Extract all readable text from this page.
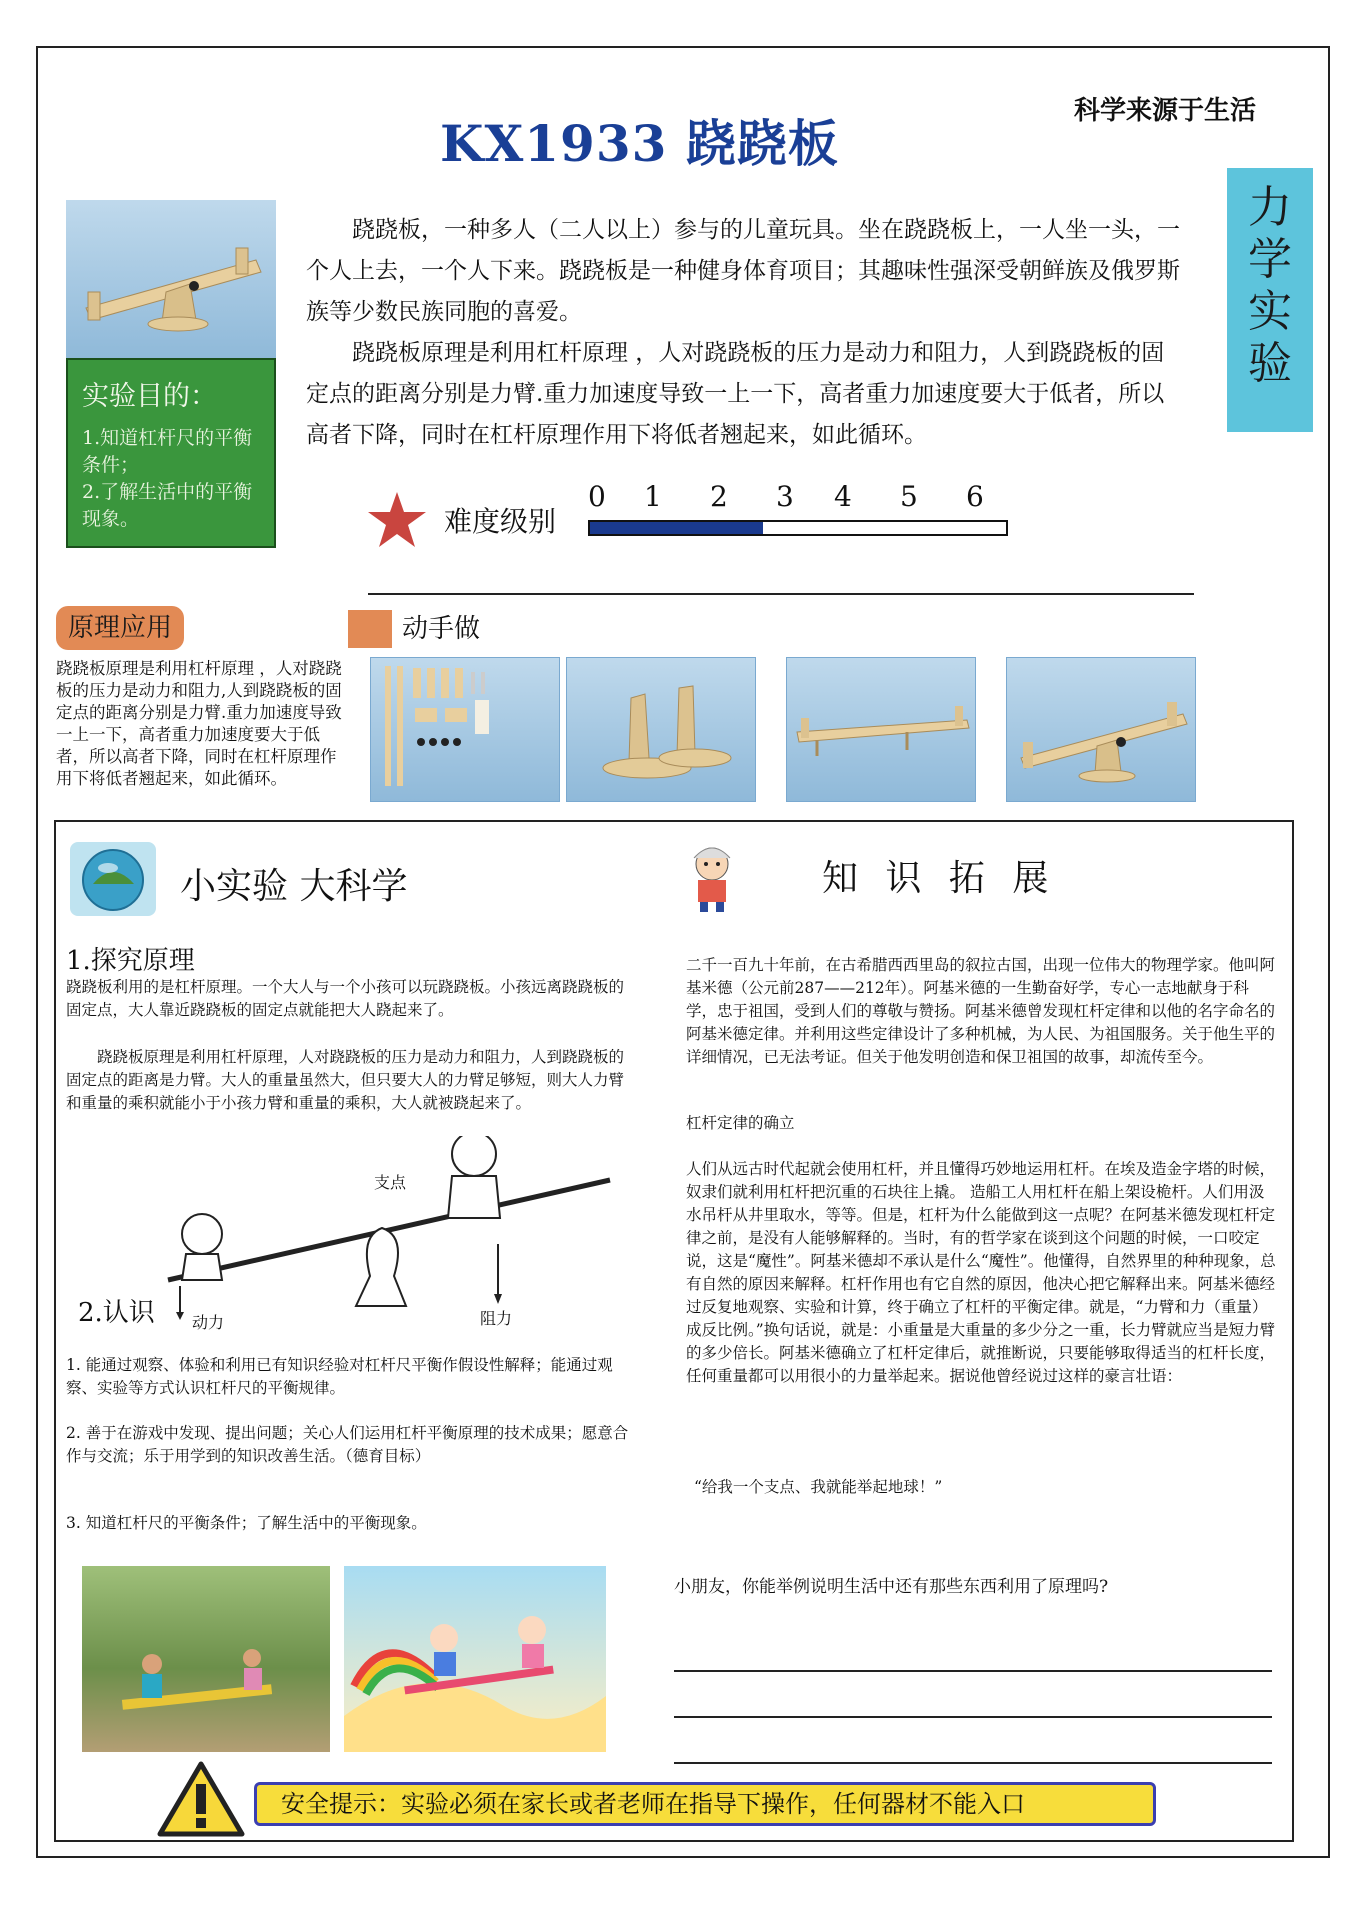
KX1933 跷跷板
科学来源于生活
力
学
实
验
实验目的：
1.知道杠杆尺的平衡条件；
2.了解生活中的平衡现象。

跷跷板，一种多人（二人以上）参与的儿童玩具。坐在跷跷板上，一人坐一头，一个人上去，一个人下来。跷跷板是一种健身体育项目；其趣味性强深受朝鲜族及俄罗斯族等少数民族同胞的喜爱。

跷跷板原理是利用杠杆原理 ，人对跷跷板的压力是动力和阻力，人到跷跷板的固定点的距离分别是力臂.重力加速度导致一上一下，高者重力加速度要大于低者，所以高者下降，同时在杠杆原理作用下将低者翘起来，如此循环。

难度级别
0 1 2 3 4 5 6
原理应用	动手做
跷跷板原理是利用杠杆原理 ，人对跷跷板的压力是动力和阻力,人到跷跷板的固定点的距离分别是力臂.重力加速度导致一上一下，高者重力加速度要大于低者，所以高者下降，同时在杠杆原理作用下将低者翘起来，如此循环。
小实验 大科学	知 识 拓 展
1.探究原理
跷跷板利用的是杠杆原理。一个大人与一个小孩可以玩跷跷板。小孩远离跷跷板的固定点，大人靠近跷跷板的固定点就能把大人跷起来了。
跷跷板原理是利用杠杆原理，人对跷跷板的压力是动力和阻力，人到跷跷板的固定点的距离是力臂。大人的重量虽然大，但只要大人的力臂足够短，则大人力臂和重量的乘积就能小于小孩力臂和重量的乘积，大人就被跷起来了。
支点
动力	阻力
2.认识
1. 能通过观察、体验和利用已有知识经验对杠杆尺平衡作假设性解释；能通过观察、实验等方式认识杠杆尺的平衡规律。
2. 善于在游戏中发现、提出问题；关心人们运用杠杆平衡原理的技术成果；愿意合作与交流；乐于用学到的知识改善生活。（德育目标）
3. 知道杠杆尺的平衡条件；了解生活中的平衡现象。
二千一百九十年前，在古希腊西西里岛的叙拉古国，出现一位伟大的物理学家。他叫阿基米德（公元前287——212年）。阿基米德的一生勤奋好学，专心一志地献身于科学，忠于祖国，受到人们的尊敬与赞扬。阿基米德曾发现杠杆定律和以他的名字命名的阿基米德定律。并利用这些定律设计了多种机械，为人民、为祖国服务。关于他生平的详细情况，已无法考证。但关于他发明创造和保卫祖国的故事，却流传至今。
杠杆定律的确立
人们从远古时代起就会使用杠杆，并且懂得巧妙地运用杠杆。在埃及造金字塔的时候，奴隶们就利用杠杆把沉重的石块往上撬。 造船工人用杠杆在船上架设桅杆。人们用汲水吊杆从井里取水，等等。但是，杠杆为什么能做到这一点呢？在阿基米德发现杠杆定律之前，是没有人能够解释的。当时，有的哲学家在谈到这个问题的时候，一口咬定说，这是“魔性”。阿基米德却不承认是什么“魔性”。他懂得，自然界里的种种现象，总有自然的原因来解释。杠杆作用也有它自然的原因，他决心把它解释出来。阿基米德经过反复地观察、实验和计算，终于确立了杠杆的平衡定律。就是，“力臂和力（重量）成反比例。”换句话说，就是：小重量是大重量的多少分之一重，长力臂就应当是短力臂的多少倍长。阿基米德确立了杠杆定律后，就推断说，只要能够取得适当的杠杆长度，任何重量都可以用很小的力量举起来。据说他曾经说过这样的豪言壮语：
“给我一个支点、我就能举起地球！”
小朋友，你能举例说明生活中还有那些东西利用了原理吗?
安全提示：实验必须在家长或者老师在指导下操作，任何器材不能入口
